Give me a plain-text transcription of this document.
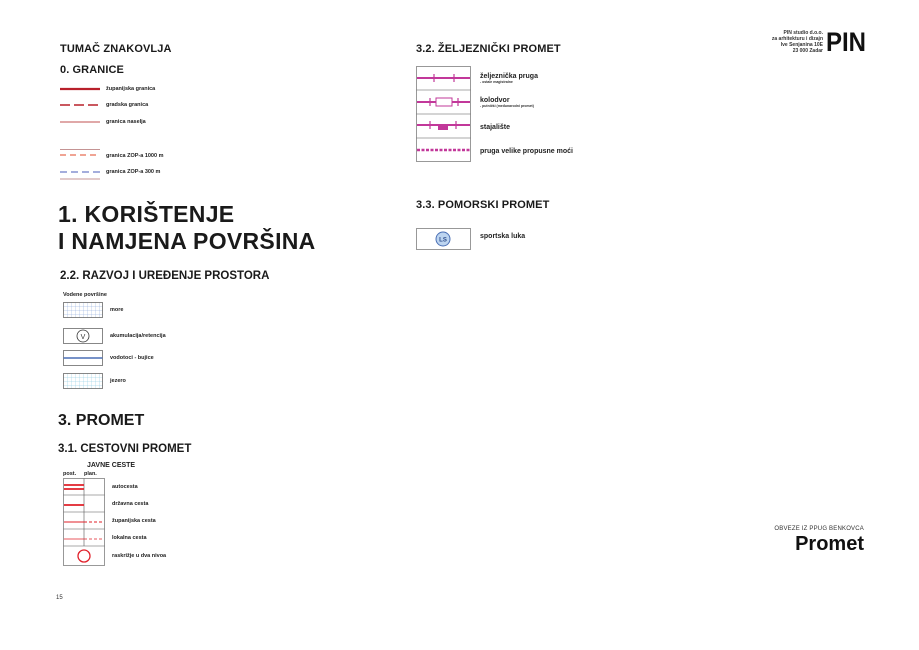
PIN studio d.o.o.
za arhitekturu i dizajn
Ive Senjanina 10E
23 000 Zadar PIN
TUMAČ ZNAKOVLJA
0. GRANICE
županijska granica
gradska granica
granica naselja
granica ZOP-a 1000 m
granica ZOP-a 300 m
1. KORIŠTENJE
I NAMJENA POVRŠINA
2.2. RAZVOJ I UREĐENJE PROSTORA
Vodene površine
more
V	akumulacija/retencija
vodotoci - bujice
jezero
3. PROMET
3.1. CESTOVNI PROMET
JAVNE CESTE
post. plan.
autocesta
državna cesta
županijska cesta
lokalna cesta
raskrižje u dva nivoa
15
3.2. ŽELJEZNIČKI PROMET
željeznička pruga
- ostale magistralne
kolodvor
- putnički (međunarodni promet)
stajalište
pruga velike propusne moći
3.3. POMORSKI PROMET
LS
sportska luka
OBVEZE IZ PPUG BENKOVCA
Promet
